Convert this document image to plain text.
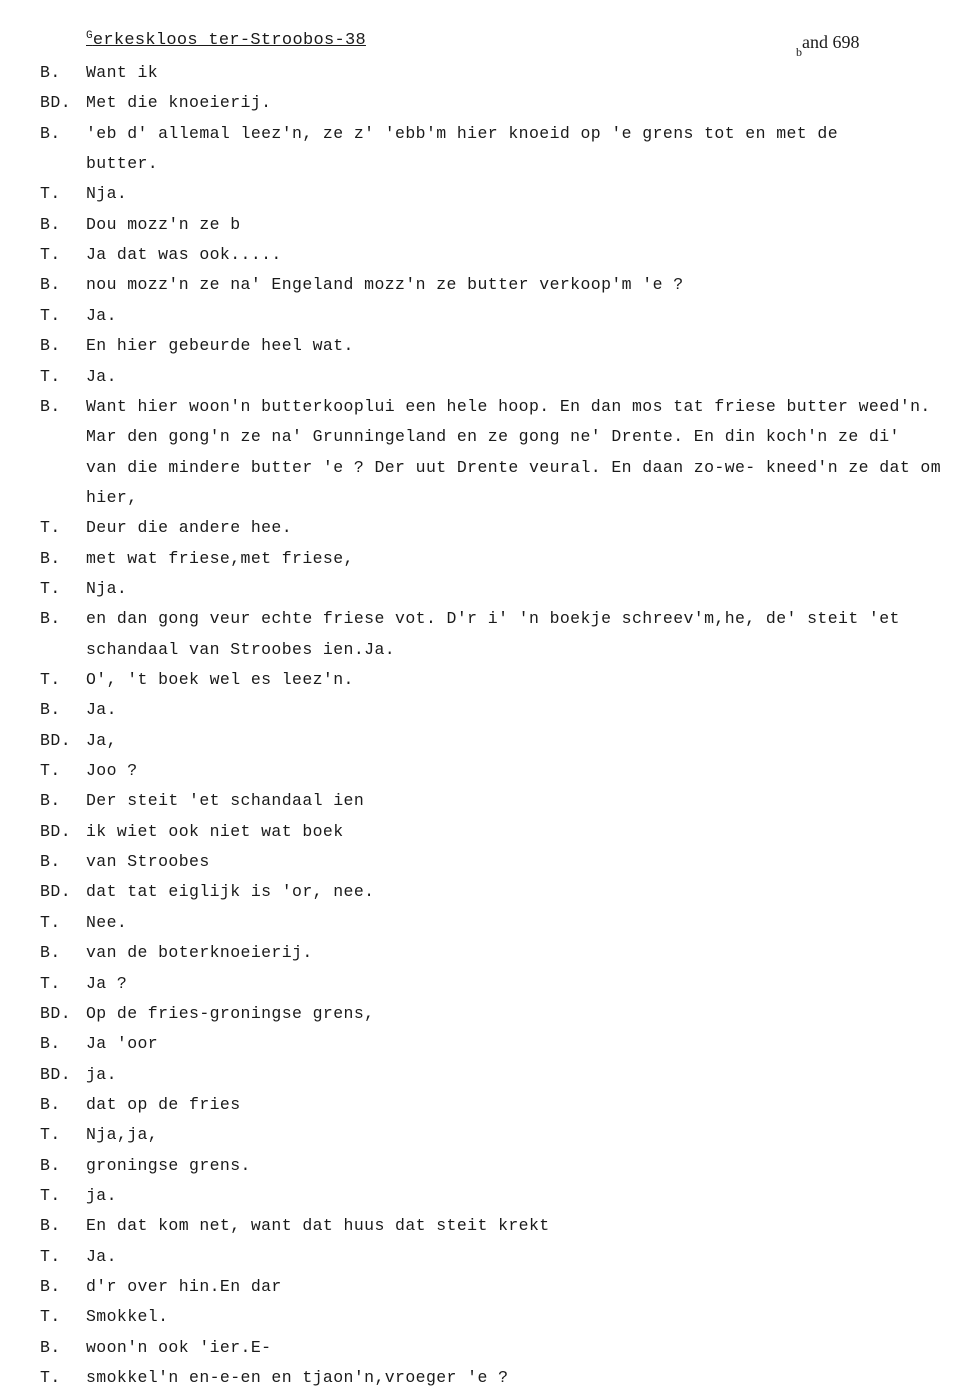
$^G$erkeskloos ter-Stroobos-38
$_b$and 698
B. Want ik
BD. Met die knoeierij.
B. 'eb d' allemal leez'n, ze z' 'ebb'm hier knoeid op 'e grens tot en met de
butter.
T. Nja.
B. Dou mozz'n ze b
T. Ja dat was ook.....
B. nou mozz'n ze na' Engeland mozz'n ze butter verkoop'm 'e ?
T. Ja.
B. En hier gebeurde heel wat.
T. Ja.
B. Want hier woon'n butterkooplui een hele hoop. En dan mos tat friese butter weed'n.
Mar den gong'n ze na' Grunningeland en ze gong ne' Drente. En din koch'n ze di'
van die mindere butter 'e ? Der uut Drente veural. En daan zo-we- kneed'n ze dat om
hier,
T. Deur die andere hee.
B. met wat friese,met friese,
T. Nja.
B. en dan gong veur echte friese vot. D'r i' 'n boekje schreev'm,he, de' steit 'et
schandaal van Stroobes ien.Ja.
T. O', 't boek wel es leez'n.
B. Ja.
BD. Ja,
T. Joo ?
B. Der steit 'et schandaal ien
BD. ik wiet ook niet wat boek
B. van Stroobes
BD. dat tat eiglijk is 'or, nee.
T. Nee.
B. van de boterknoeierij.
T. Ja ?
BD. Op de fries-groningse grens,
B. Ja 'oor
BD. ja.
B. dat op de fries
T. Nja,ja,
B. groningse grens.
T. ja.
B. En dat kom net, want dat huus dat steit krekt
T. Ja.
B. d'r over hin.En dar
T. Smokkel.
B. woon'n ook 'ier.E-
T. smokkel'n en-e-en en tjaon'n,vroeger 'e ?
